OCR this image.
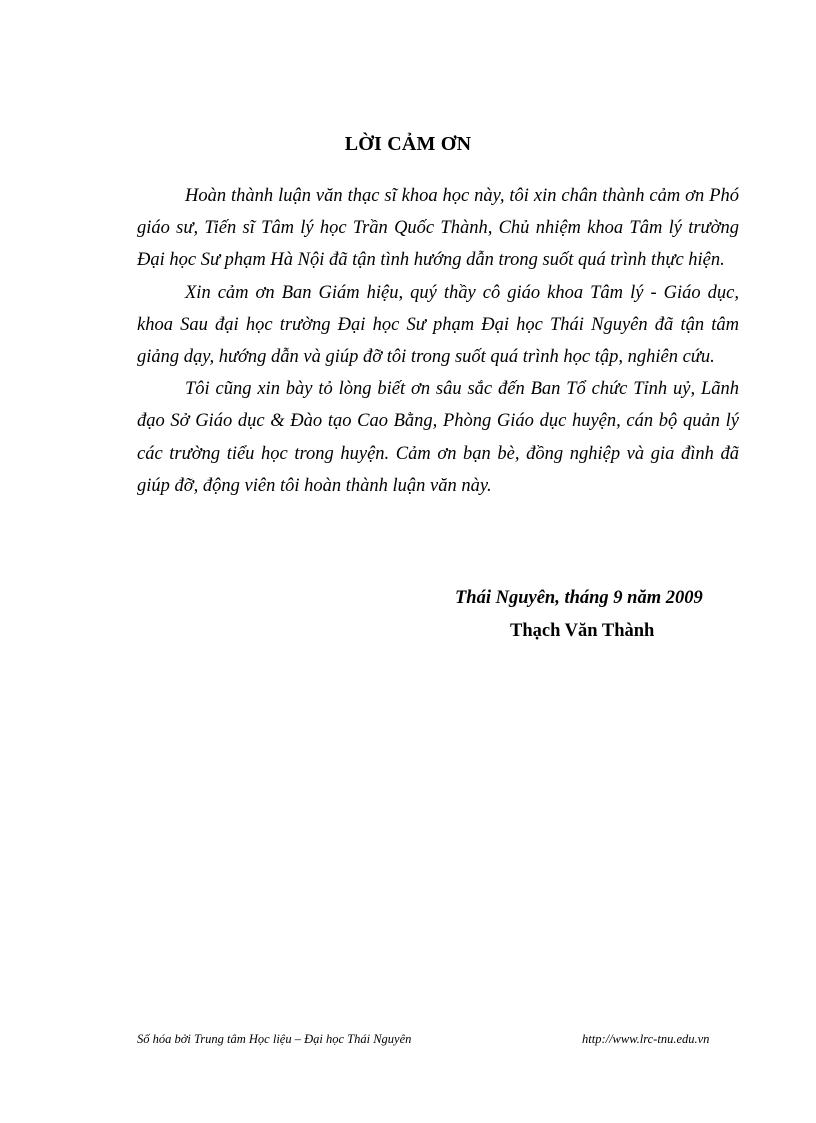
LỜI CẢM ƠN

Hoàn thành luận văn thạc sĩ khoa học này, tôi xin chân thành cảm ơn Phó giáo sư, Tiến sĩ Tâm lý học Trần Quốc Thành, Chủ nhiệm khoa Tâm lý trường Đại học Sư phạm Hà Nội đã tận tình hướng dẫn trong suốt quá trình thực hiện.

Xin cảm ơn Ban Giám hiệu, quý thầy cô giáo khoa Tâm lý - Giáo dục, khoa Sau đại học trường Đại học Sư phạm Đại học Thái Nguyên đã tận tâm giảng dạy, hướng dẫn và giúp đỡ tôi trong suốt quá trình học tập, nghiên cứu.

Tôi cũng xin bày tỏ lòng biết ơn sâu sắc đến Ban Tổ chức Tỉnh uỷ, Lãnh đạo Sở Giáo dục & Đào tạo Cao Bằng, Phòng Giáo dục huyện, cán bộ quản lý các trường tiểu học trong huyện. Cảm ơn bạn bè, đồng nghiệp và gia đình đã giúp đỡ, động viên tôi hoàn thành luận văn này.

Thái Nguyên, tháng 9 năm 2009
Thạch Văn Thành
Số hóa bởi Trung tâm Học liệu – Đại học Thái Nguyên	http://www.lrc-tnu.edu.vn
